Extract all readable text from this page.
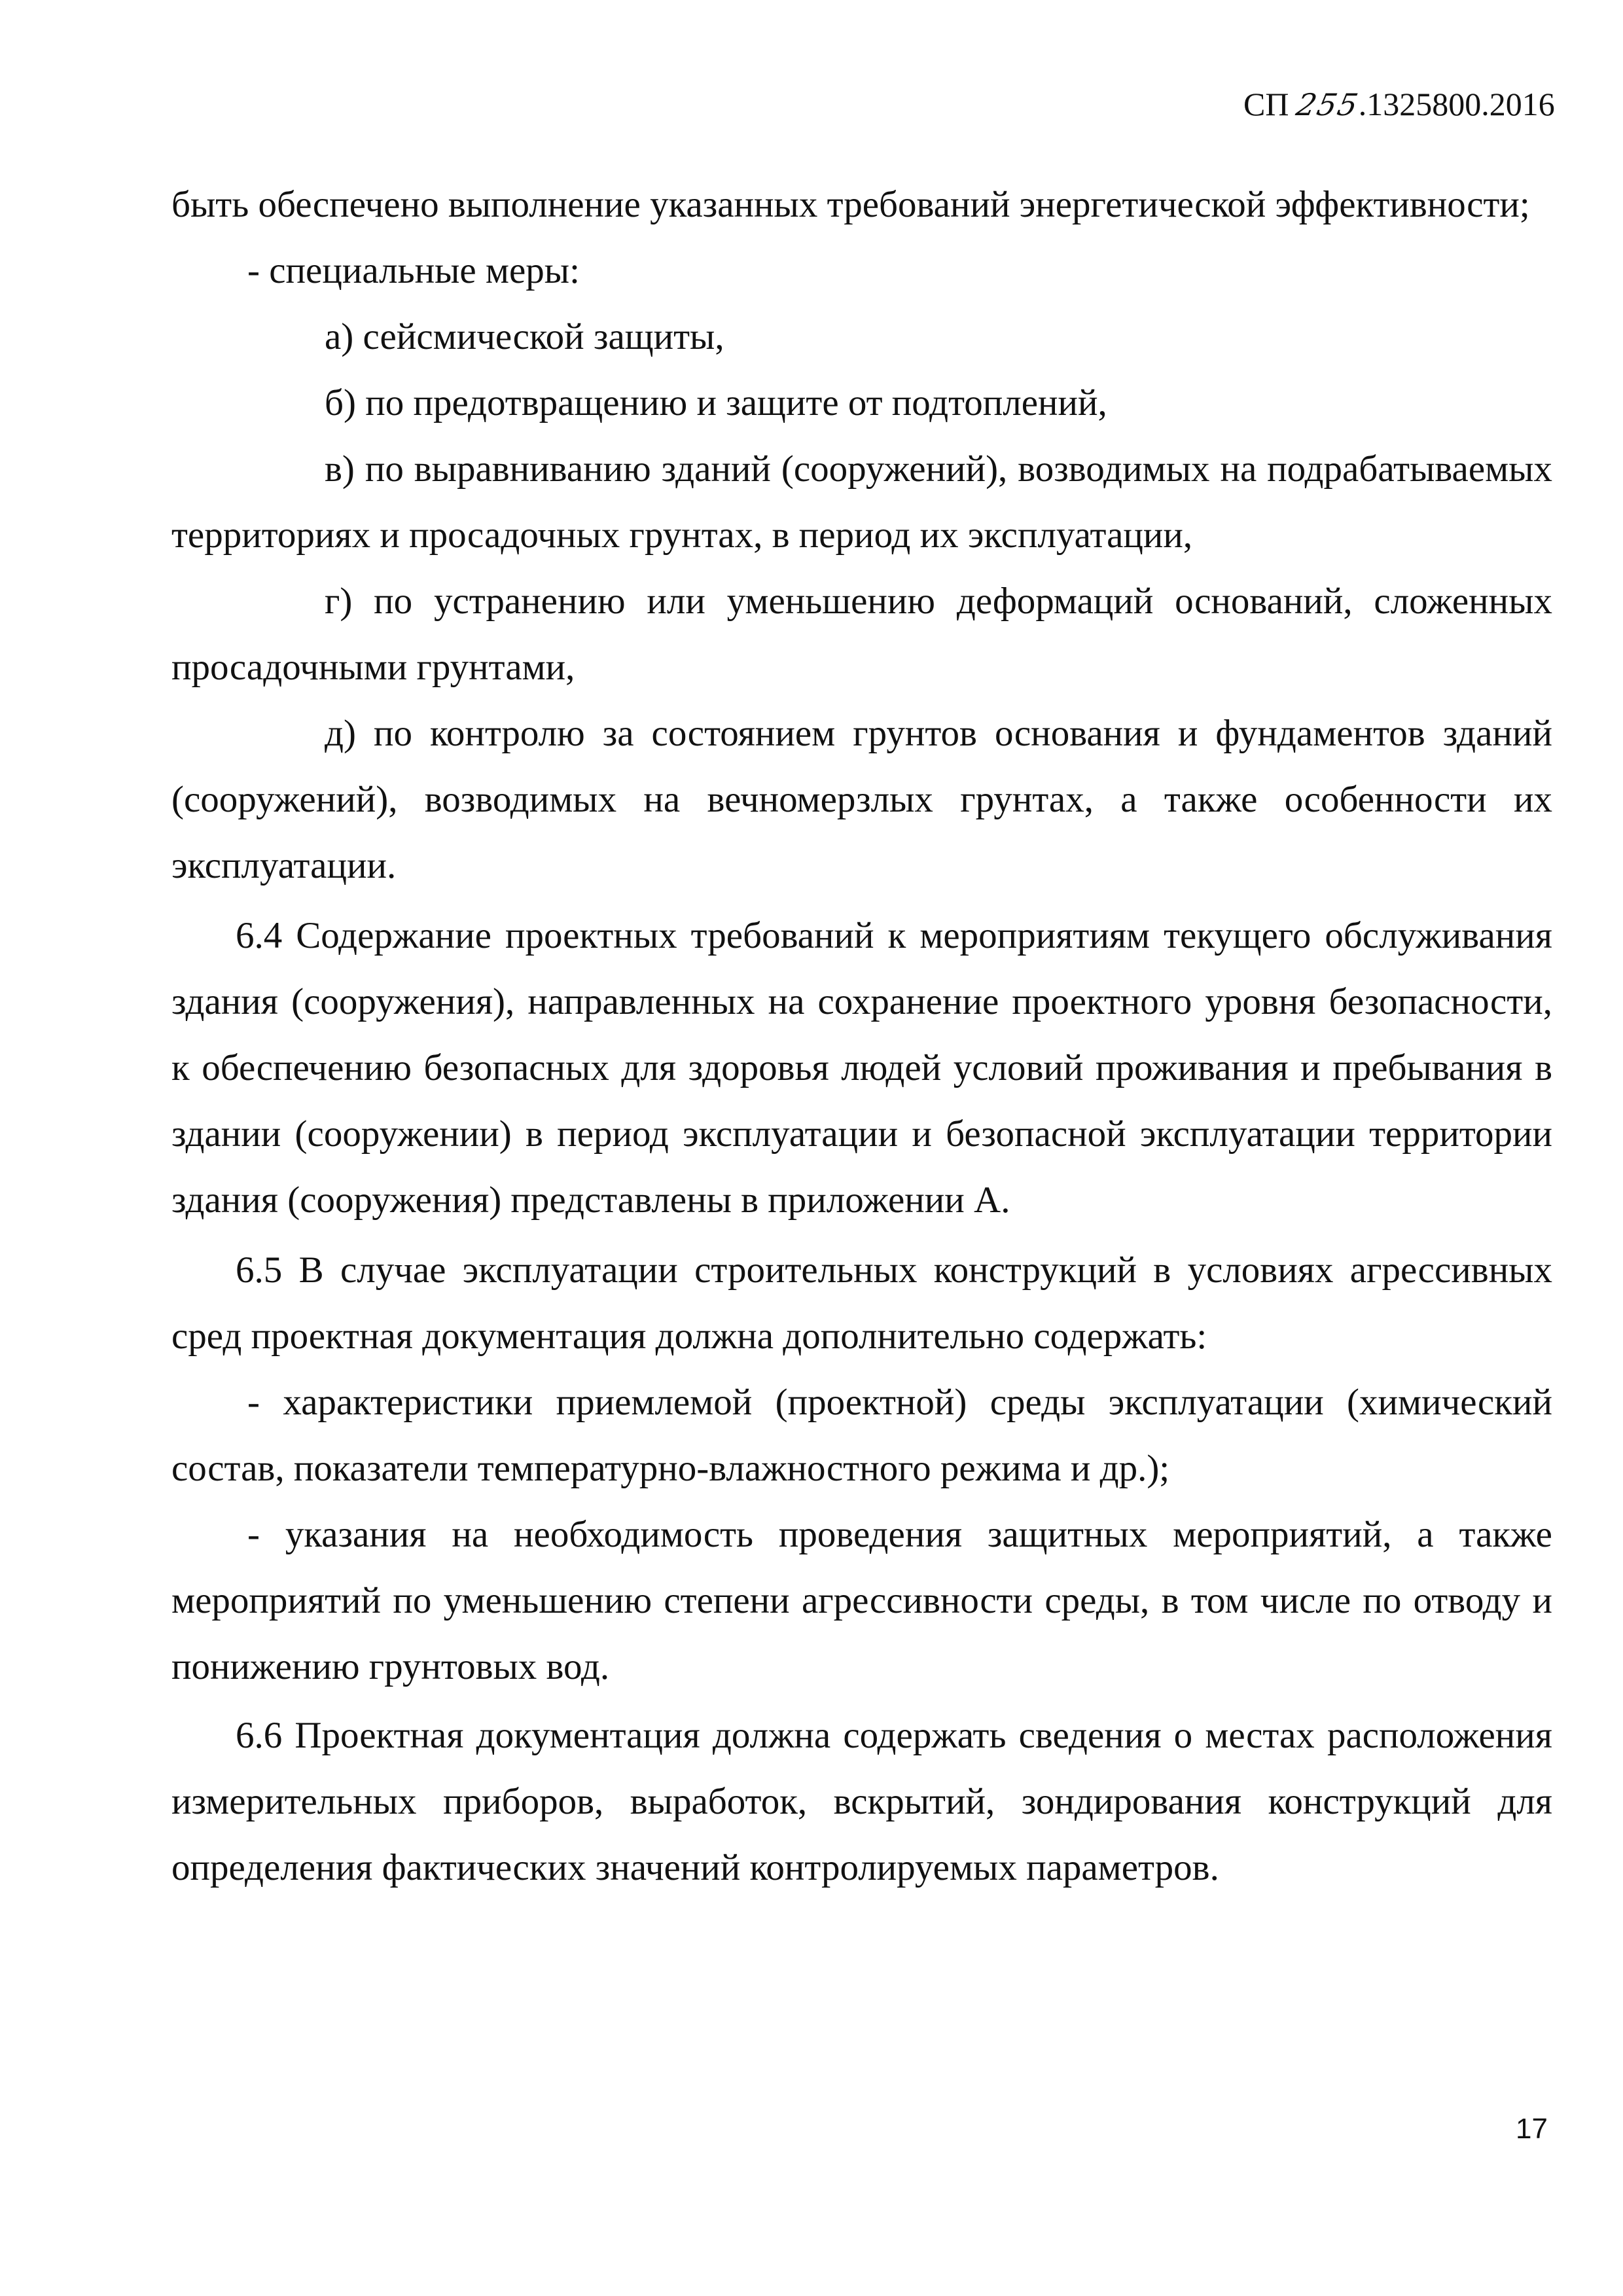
СП 255.1325800.2016

быть обеспечено выполнение указанных требований энергетической эффективности;

- специальные меры:

а) сейсмической защиты,

б) по предотвращению и защите от подтоплений,

в) по выравниванию зданий (сооружений), возводимых на подрабатываемых территориях и просадочных грунтах, в период их эксплуатации,

г) по устранению или уменьшению деформаций оснований, сложенных просадочными грунтами,

д) по контролю за состоянием грунтов основания и фундаментов зданий (сооружений), возводимых на вечномерзлых грунтах, а также особенности их эксплуатации.

6.4 Содержание проектных требований к мероприятиям текущего обслуживания здания (сооружения), направленных на сохранение проектного уровня безопасности, к обеспечению безопасных для здоровья людей условий проживания и пребывания в здании (сооружении) в период эксплуатации и безопасной эксплуатации территории здания (сооружения) представлены в приложении А.

6.5 В случае эксплуатации строительных конструкций в условиях агрессивных сред проектная документация должна дополнительно содержать:

- характеристики приемлемой (проектной) среды эксплуатации (химический состав, показатели температурно-влажностного режима и др.);

- указания на необходимость проведения защитных мероприятий, а также мероприятий по уменьшению степени агрессивности среды, в том числе по отводу и понижению грунтовых вод.

6.6 Проектная документация должна содержать сведения о местах расположения измерительных приборов, выработок, вскрытий, зондирования конструкций для определения фактических значений контролируемых параметров.

17
